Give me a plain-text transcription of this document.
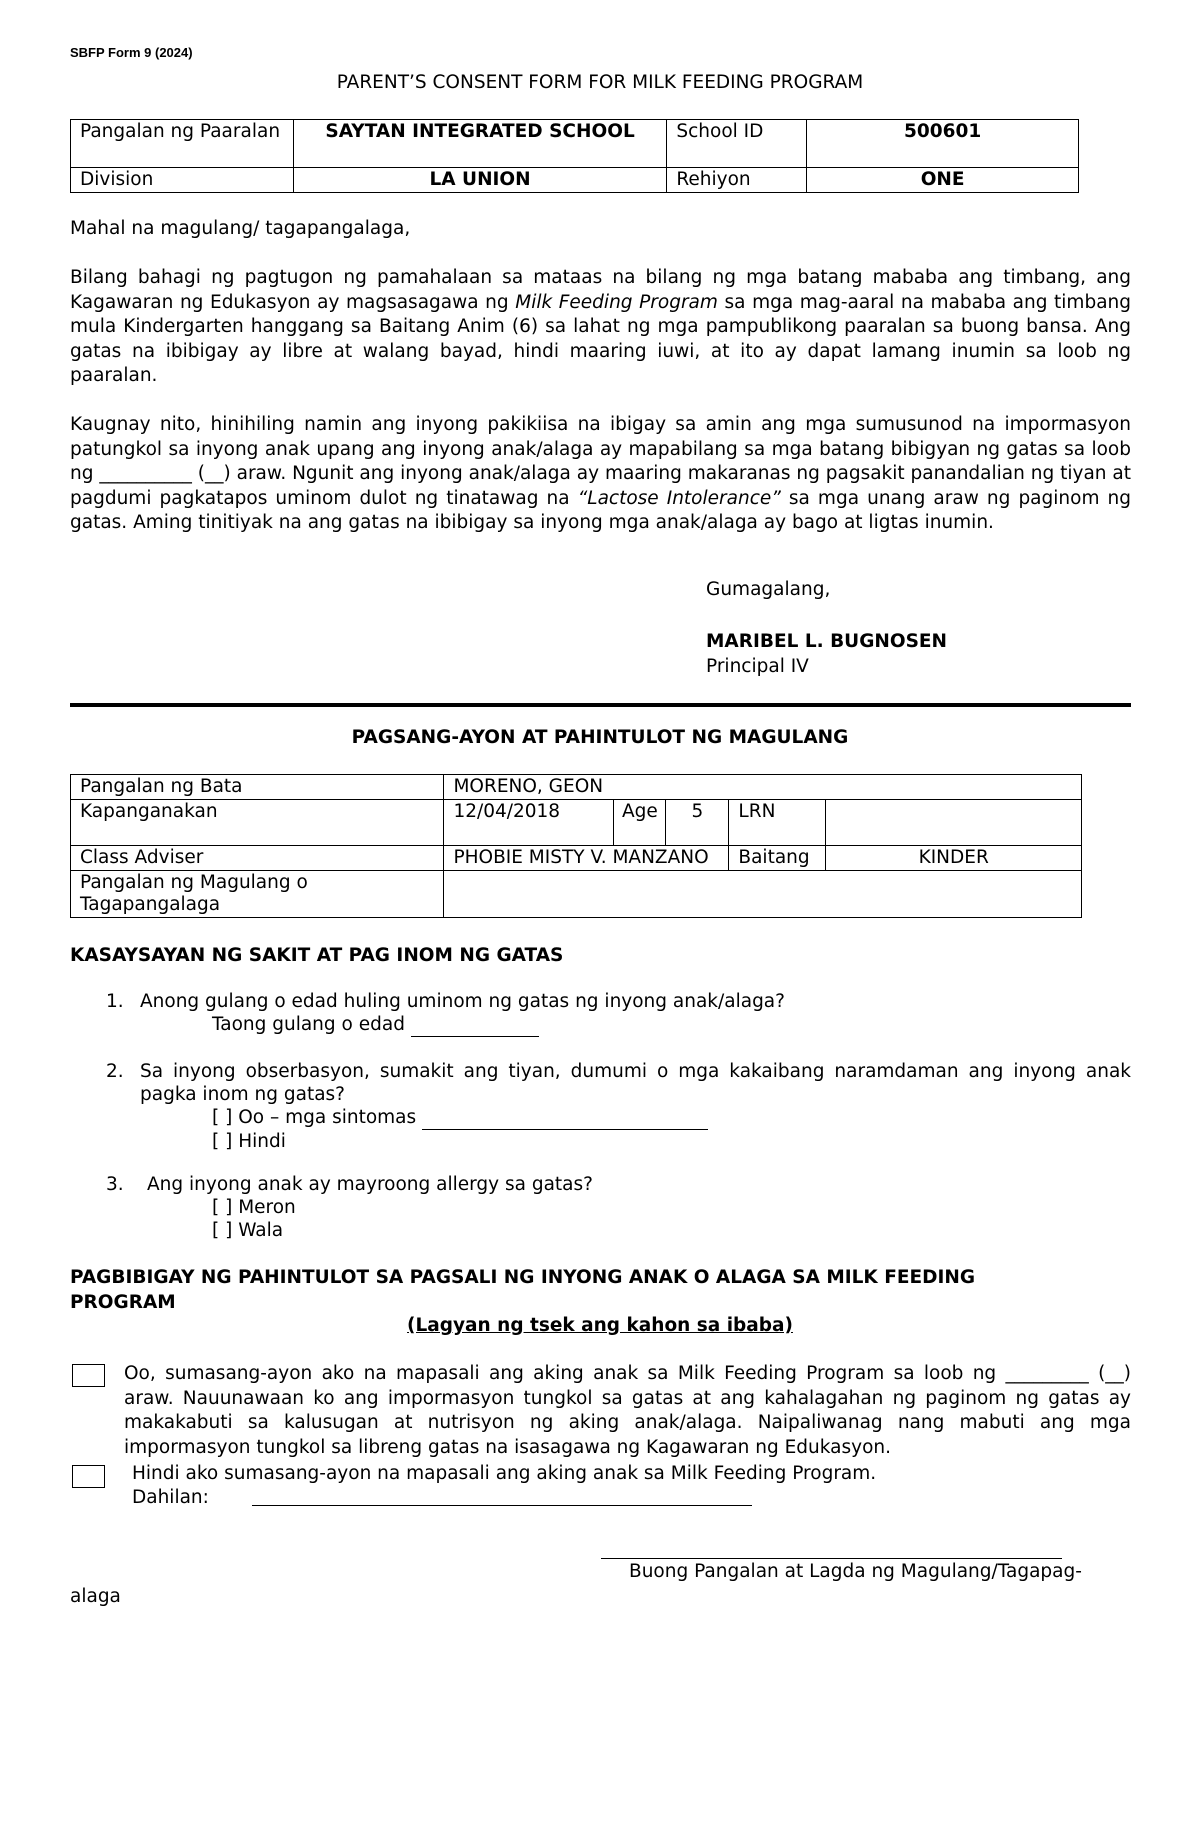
SBFP Form 9 (2024)
PARENT’S CONSENT FORM FOR MILK FEEDING PROGRAM
Pangalan ng Paaralan	SAYTAN INTEGRATED SCHOOL	School ID	500601
Division	LA UNION	Rehiyon	ONE
Mahal na magulang/ tagapangalaga,

Bilang bahagi ng pagtugon ng pamahalaan sa mataas na bilang ng mga batang mababa ang timbang, ang Kagawaran ng Edukasyon ay magsasagawa ng Milk Feeding Program sa mga mag-aaral na mababa ang timbang mula Kindergarten hanggang sa Baitang Anim (6) sa lahat ng mga pampublikong paaralan sa buong bansa. Ang gatas na ibibigay ay libre at walang bayad, hindi maaring iuwi, at ito ay dapat lamang inumin sa loob ng paaralan.

Kaugnay nito, hinihiling namin ang inyong pakikiisa na ibigay sa amin ang mga sumusunod na impormasyon patungkol sa inyong anak upang ang inyong anak/alaga ay mapabilang sa mga batang bibigyan ng gatas sa loob ng __________ (__) araw. Ngunit ang inyong anak/alaga ay maaring makaranas ng pagsakit panandalian ng tiyan at pagdumi pagkatapos uminom dulot ng tinatawag na “Lactose Intolerance” sa mga unang araw ng paginom ng gatas. Aming tinitiyak na ang gatas na ibibigay sa inyong mga anak/alaga ay bago at ligtas inumin.

Gumagalang,
MARIBEL L. BUGNOSEN
Principal IV
PAGSANG-AYON AT PAHINTULOT NG MAGULANG
Pangalan ng Bata	MORENO, GEON				
Kapanganakan	12/04/2018	Age	5	LRN	
Class Adviser	PHOBIE MISTY V. MANZANO			Baitang	KINDER
Pangalan ng Magulang o Tagapangalaga					
KASAYSAYAN NG SAKIT AT PAG INOM NG GATAS
1. Anong gulang o edad huling uminom ng gatas ng inyong anak/alaga?
Taong gulang o edad
2. Sa inyong obserbasyon, sumakit ang tiyan, dumumi o mga kakaibang naramdaman ang inyong anak pagka inom ng gatas?
[ ] Oo – mga sintomas
[ ] Hindi
3. Ang inyong anak ay mayroong allergy sa gatas?
[ ] Meron
[ ] Wala
PAGBIBIGAY NG PAHINTULOT SA PAGSALI NG INYONG ANAK O ALAGA SA MILK FEEDING PROGRAM
(Lagyan ng tsek ang kahon sa ibaba)
Oo, sumasang-ayon ako na mapasali ang aking anak sa Milk Feeding Program sa loob ng _________ (__) araw. Nauunawaan ko ang impormasyon tungkol sa gatas at ang kahalagahan ng paginom ng gatas ay makakabuti sa kalusugan at nutrisyon ng aking anak/alaga. Naipaliwanag nang mabuti ang mga impormasyon tungkol sa libreng gatas na isasagawa ng Kagawaran ng Edukasyon.
Hindi ako sumasang-ayon na mapasali ang aking anak sa Milk Feeding Program.
Dahilan:
Buong Pangalan at Lagda ng Magulang/Tagapag-
alaga
